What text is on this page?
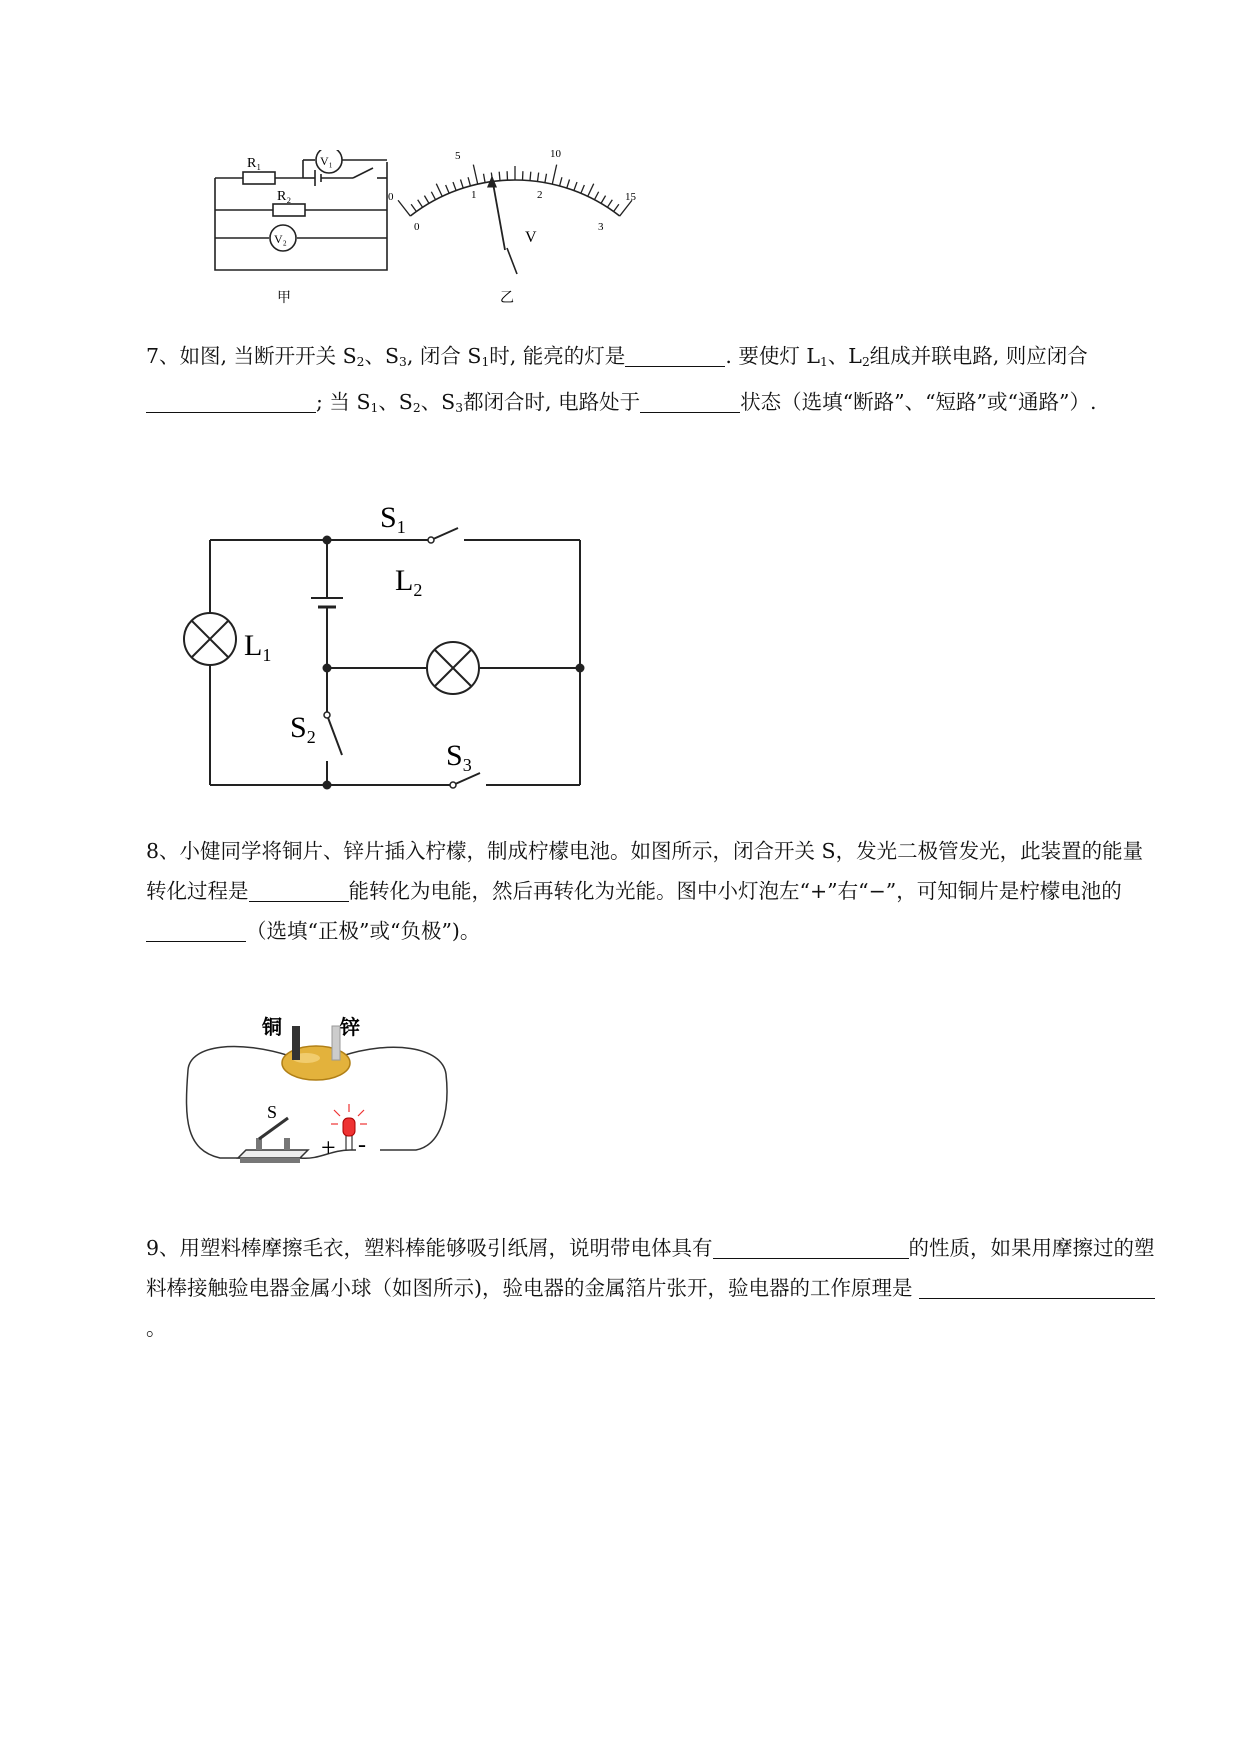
R₁
R₂
V₁
V₂
甲
V
乙
0
5	10
15
0
1	2
3

7、如图, 当断开开关 $S_2$、$S_3$, 闭合 $S_1$时, 能亮的灯是	. 要使灯 $L_1$、$L_2$组成并联电路, 则应闭合; 当 $S_1$、$S_2$、$S_3$都闭合时, 电路处于	状态（选填“断路”、“短路”或“通路”）.

$S_1$
$L_2$
$L_1$
$S_2$
$S_3$

8、小健同学将铜片、锌片插入柠檬，制成柠檬电池。如图所示，闭合开关 S，发光二极管发光，此装置的能量转化过程是	能转化为电能，然后再转化为光能。图中小灯泡左“+”右“−”，可知铜片是柠檬电池的（选填“正极”或“负极”)。

铜	锌
S
+ -

9、用塑料棒摩擦毛衣，塑料棒能够吸引纸屑，说明带电体具有	的性质，如果用摩擦过的塑料棒接触验电器金属小球（如图所示)，验电器的金属箔片张开，验电器的工作原理是 。
